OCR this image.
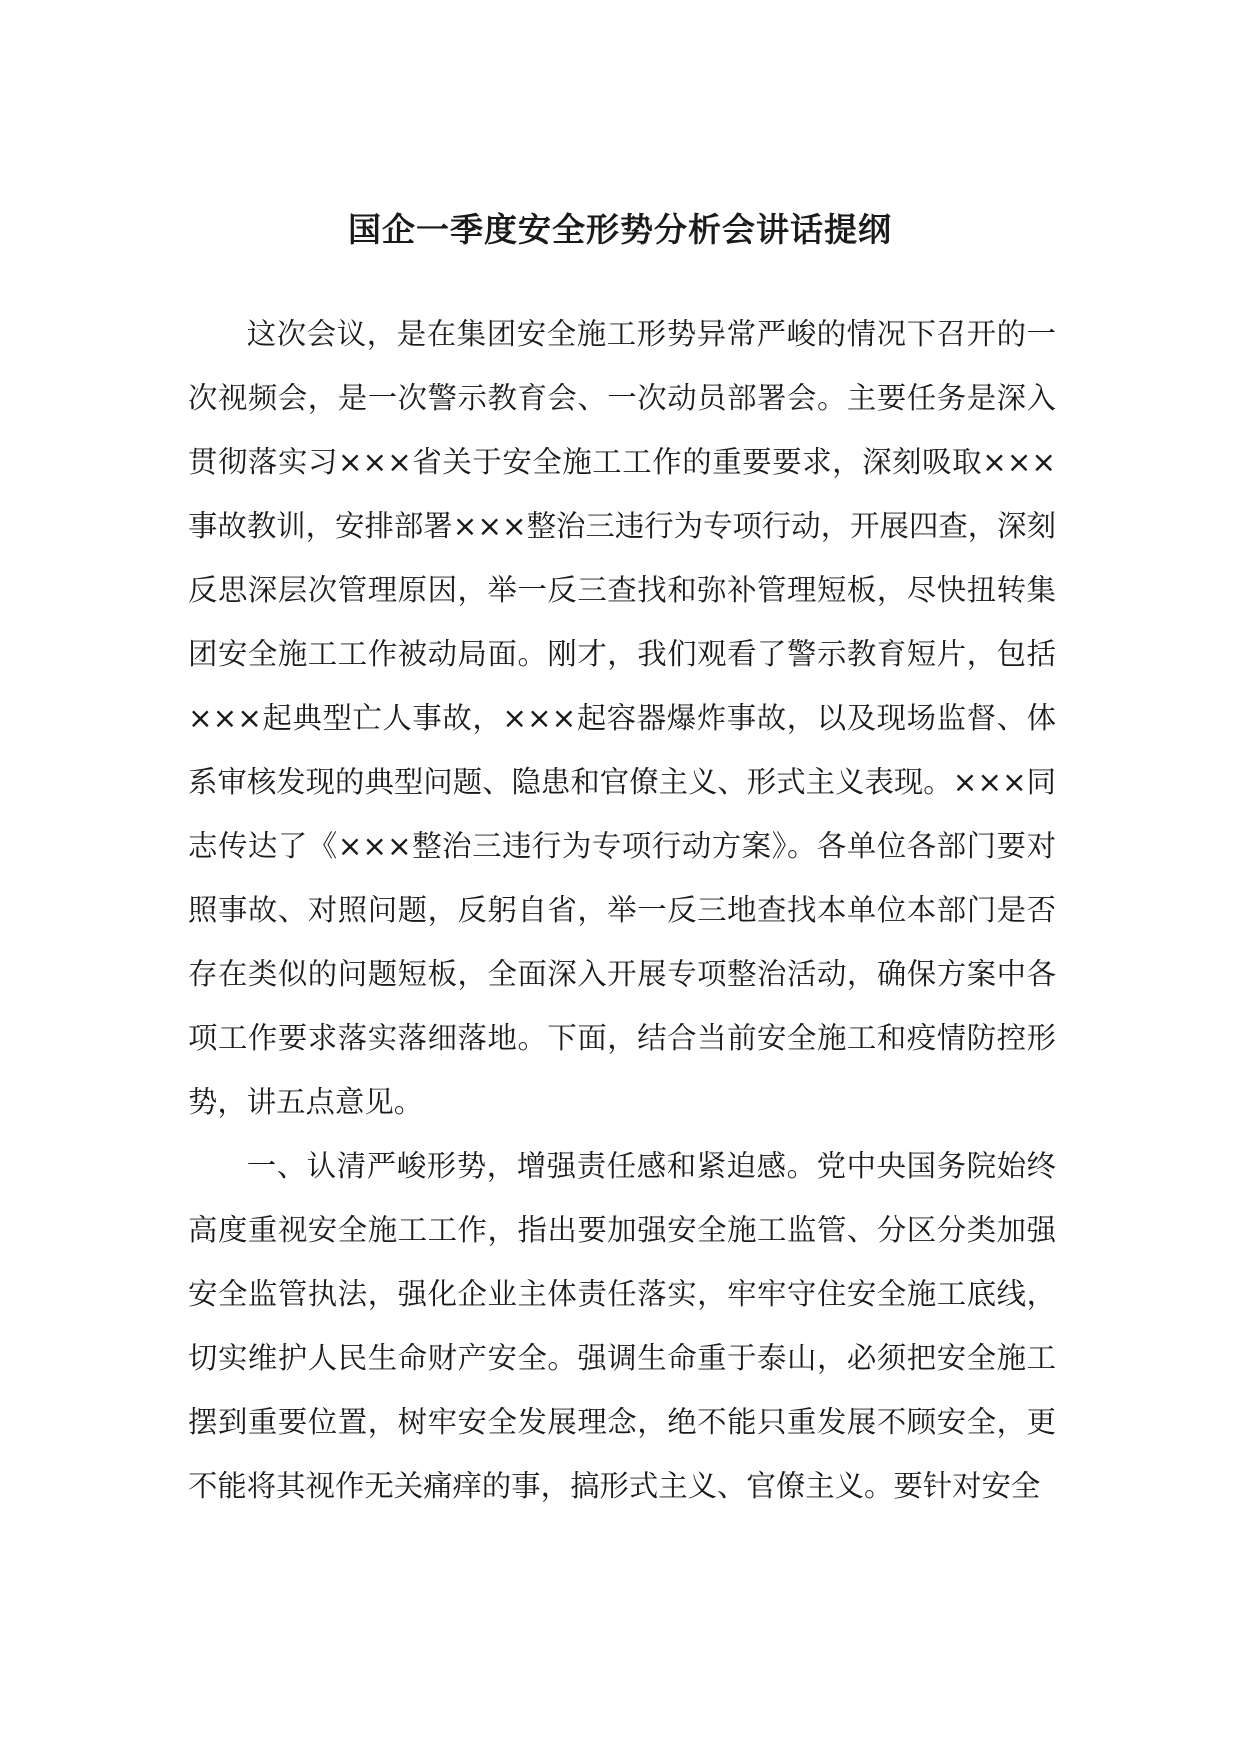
国企一季度安全形势分析会讲话提纲

这次会议，是在集团安全施工形势异常严峻的情况下召开的一次视频会，是一次警示教育会、一次动员部署会。主要任务是深入贯彻落实习×××省关于安全施工工作的重要要求，深刻吸取×××事故教训，安排部署×××整治三违行为专项行动，开展四查，深刻反思深层次管理原因，举一反三查找和弥补管理短板，尽快扭转集团安全施工工作被动局面。刚才，我们观看了警示教育短片，包括×××起典型亡人事故，×××起容器爆炸事故，以及现场监督、体系审核发现的典型问题、隐患和官僚主义、形式主义表现。×××同志传达了《×××整治三违行为专项行动方案》。各单位各部门要对照事故、对照问题，反躬自省，举一反三地查找本单位本部门是否存在类似的问题短板，全面深入开展专项整治活动，确保方案中各项工作要求落实落细落地。下面，结合当前安全施工和疫情防控形势，讲五点意见。

一、认清严峻形势，增强责任感和紧迫感。党中央国务院始终高度重视安全施工工作，指出要加强安全施工监管、分区分类加强安全监管执法，强化企业主体责任落实，牢牢守住安全施工底线，切实维护人民生命财产安全。强调生命重于泰山，必须把安全施工摆到重要位置，树牢安全发展理念，绝不能只重发展不顾安全，更不能将其视作无关痛痒的事，搞形式主义、官僚主义。要针对安全
